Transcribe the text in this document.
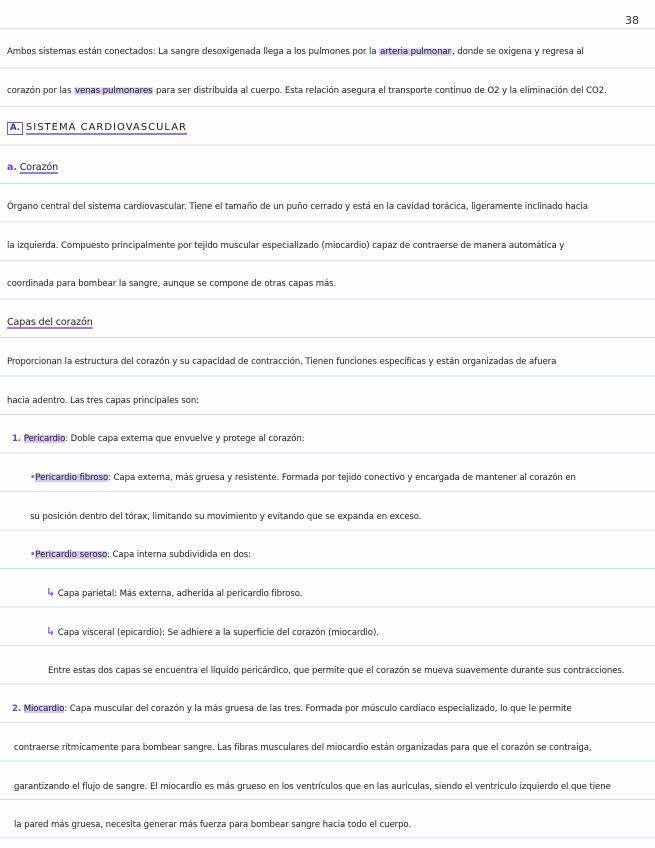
38
Ambos sistemas están conectados: La sangre desoxigenada llega a los pulmones por la arteria pulmonar, donde se oxigena y regresa al
corazón por las venas pulmonares para ser distribuida al cuerpo. Esta relación asegura el transporte continuo de O2 y la eliminación del CO2.
A. SISTEMA CARDIOVASCULAR
a. Corazón
Órgano central del sistema cardiovascular. Tiene el tamaño de un puño cerrado y está en la cavidad torácica, ligeramente inclinado hacia
la izquierda. Compuesto principalmente por tejido muscular especializado (miocardio) capaz de contraerse de manera automática y
coordinada para bombear la sangre, aunque se compone de otras capas más.
Capas del corazón
Proporcionan la estructura del corazón y su capacidad de contracción. Tienen funciones específicas y están organizadas de afuera
hacia adentro. Las tres capas principales son:
1. Pericardio: Doble capa externa que envuelve y protege al corazón:
•Pericardio fibroso: Capa externa, más gruesa y resistente. Formada por tejido conectivo y encargada de mantener al corazón en
su posición dentro del tórax, limitando su movimiento y evitando que se expanda en exceso.
•Pericardio seroso: Capa interna subdividida en dos:
↳ Capa parietal: Más externa, adherida al pericardio fibroso.
↳ Capa visceral (epicardio): Se adhiere a la superficie del corazón (miocardio).
Entre estas dos capas se encuentra el líquido pericárdico, que permite que el corazón se mueva suavemente durante sus contracciones.
2. Miocardio: Capa muscular del corazón y la más gruesa de las tres. Formada por músculo cardíaco especializado, lo que le permite
contraerse rítmicamente para bombear sangre. Las fibras musculares del miocardio están organizadas para que el corazón se contraiga,
garantizando el flujo de sangre. El miocardio es más grueso en los ventrículos que en las aurículas, siendo el ventrículo izquierdo el que tiene
la pared más gruesa, necesita generar más fuerza para bombear sangre hacia todo el cuerpo.
